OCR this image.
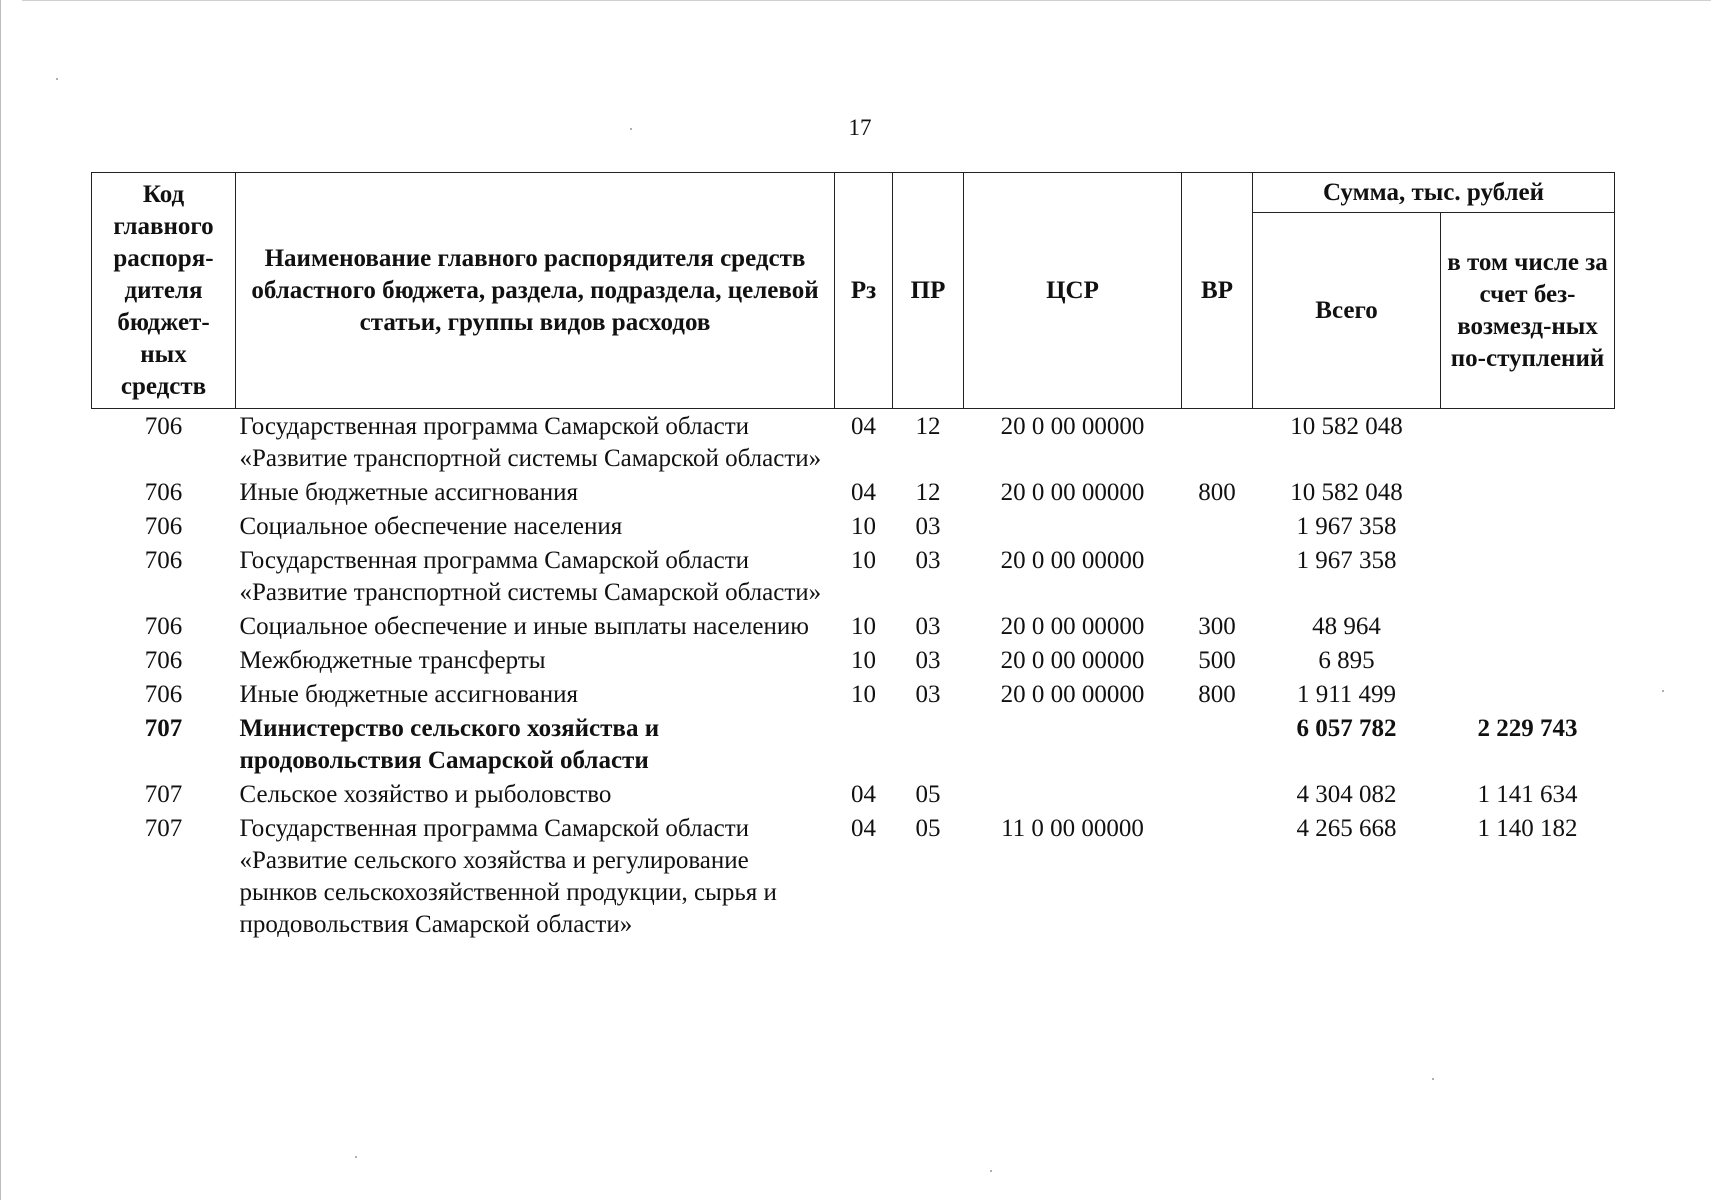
17
Код главного распоря-дителя бюджет-ных средств	Наименование главного распорядителя средств областного бюджета, раздела, подраздела, целевой статьи, группы видов расходов	Рз	ПР	ЦСР	ВР	Сумма, тыс. рублей	
						Всего	в том числе за счет без-возмезд-ных по-ступлений
706	Государственная программа Самарской области «Развитие транспортной системы Самарской области»	04	12	20 0 00 00000		10 582 048	
706	Иные бюджетные ассигнования	04	12	20 0 00 00000	800	10 582 048	
706	Социальное обеспечение населения	10	03			1 967 358	
706	Государственная программа Самарской области «Развитие транспортной системы Самарской области»	10	03	20 0 00 00000		1 967 358	
706	Социальное обеспечение и иные выплаты населению	10	03	20 0 00 00000	300	48 964	
706	Межбюджетные трансферты	10	03	20 0 00 00000	500	6 895	
706	Иные бюджетные ассигнования	10	03	20 0 00 00000	800	1 911 499	
707	Министерство сельского хозяйства и продовольствия Самарской области					6 057 782	2 229 743
707	Сельское хозяйство и рыболовство	04	05			4 304 082	1 141 634
707	Государственная программа Самарской области «Развитие сельского хозяйства и регулирование рынков сельскохозяйственной продукции, сырья и продовольствия Самарской области»	04	05	11 0 00 00000		4 265 668	1 140 182
